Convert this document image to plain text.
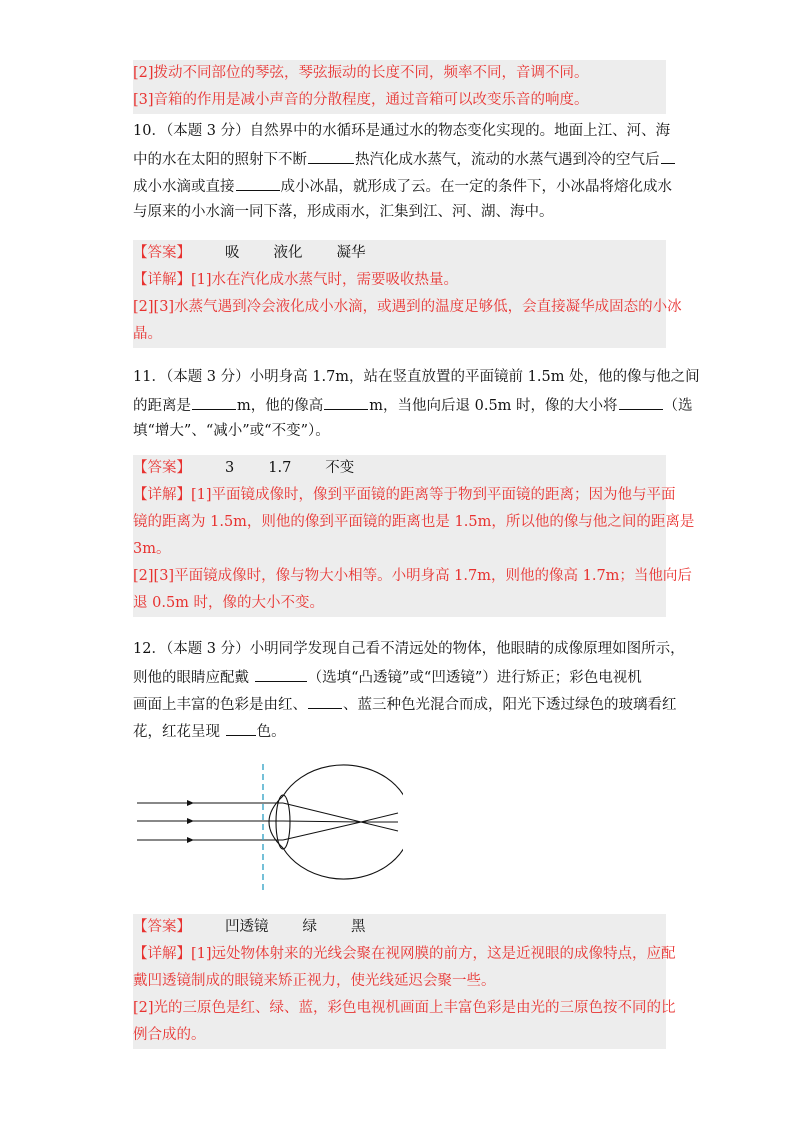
[2]拨动不同部位的琴弦，琴弦振动的长度不同，频率不同，音调不同。
[3]音箱的作用是减小声音的分散程度，通过音箱可以改变乐音的响度。
10．（本题 3 分）自然界中的水循环是通过水的物态变化实现的。地面上江、河、海
中的水在太阳的照射下不断	热汽化成水蒸气，流动的水蒸气遇到冷的空气后
成小水滴或直接	成小冰晶，就形成了云。在一定的条件下，小冰晶将熔化成水
与原来的小水滴一同下落，形成雨水，汇集到江、河、湖、海中。
【答案】 吸 液化 凝华
【详解】[1]水在汽化成水蒸气时，需要吸收热量。
[2][3]水蒸气遇到冷会液化成小水滴，或遇到的温度足够低，会直接凝华成固态的小冰
晶。
11．（本题 3 分）小明身高 1.7m，站在竖直放置的平面镜前 1.5m 处，他的像与他之间
的距离是	m，他的像高	m，当他向后退 0.5m 时，像的大小将	（选
填“增大”、“减小”或“不变”）。
【答案】 3 1.7 不变
【详解】[1]平面镜成像时，像到平面镜的距离等于物到平面镜的距离；因为他与平面
镜的距离为 1.5m，则他的像到平面镜的距离也是 1.5m，所以他的像与他之间的距离是
3m。
[2][3]平面镜成像时，像与物大小相等。小明身高 1.7m，则他的像高 1.7m；当他向后
退 0.5m 时，像的大小不变。
12．（本题 3 分）小明同学发现自己看不清远处的物体，他眼睛的成像原理如图所示，
则他的眼睛应配戴	（选填“凸透镜”或“凹透镜”）进行矫正；彩色电视机
画面上丰富的色彩是由红、 、蓝三种色光混合而成，阳光下透过绿色的玻璃看红
花，红花呈现 色。
【答案】 凹透镜 绿 黑
【详解】[1]远处物体射来的光线会聚在视网膜的前方，这是近视眼的成像特点，应配
戴凹透镜制成的眼镜来矫正视力，使光线延迟会聚一些。
[2]光的三原色是红、绿、蓝，彩色电视机画面上丰富色彩是由光的三原色按不同的比
例合成的。
